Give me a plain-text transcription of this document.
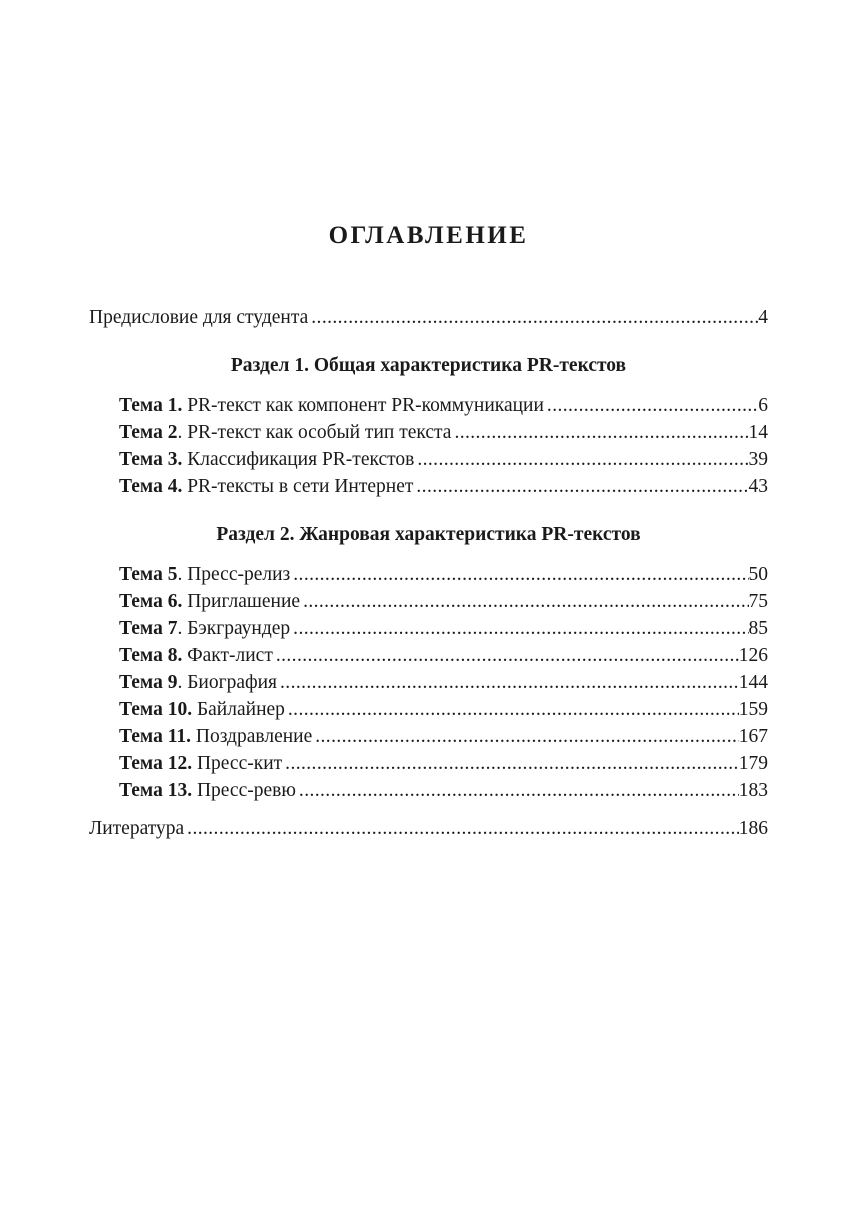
ОГЛАВЛЕНИЕ
Предисловие для студента .....	4
Раздел 1. Общая характеристика PR-текстов
Тема 1. PR-текст как компонент PR-коммуникации .....	6
Тема 2. PR-текст как особый тип текста .....	14
Тема 3. Классификация PR-текстов .....	39
Тема 4. PR-тексты в сети Интернет .....	43
Раздел 2. Жанровая характеристика PR-текстов
Тема 5. Пресс-релиз .....	50
Тема 6. Приглашение .....	75
Тема 7. Бэкграундер .....	85
Тема 8. Факт-лист .....	126
Тема 9. Биография .....	144
Тема 10. Байлайнер .....	159
Тема 11. Поздравление .....	167
Тема 12. Пресс-кит .....	179
Тема 13. Пресс-ревю .....	183
Литература .....	186
